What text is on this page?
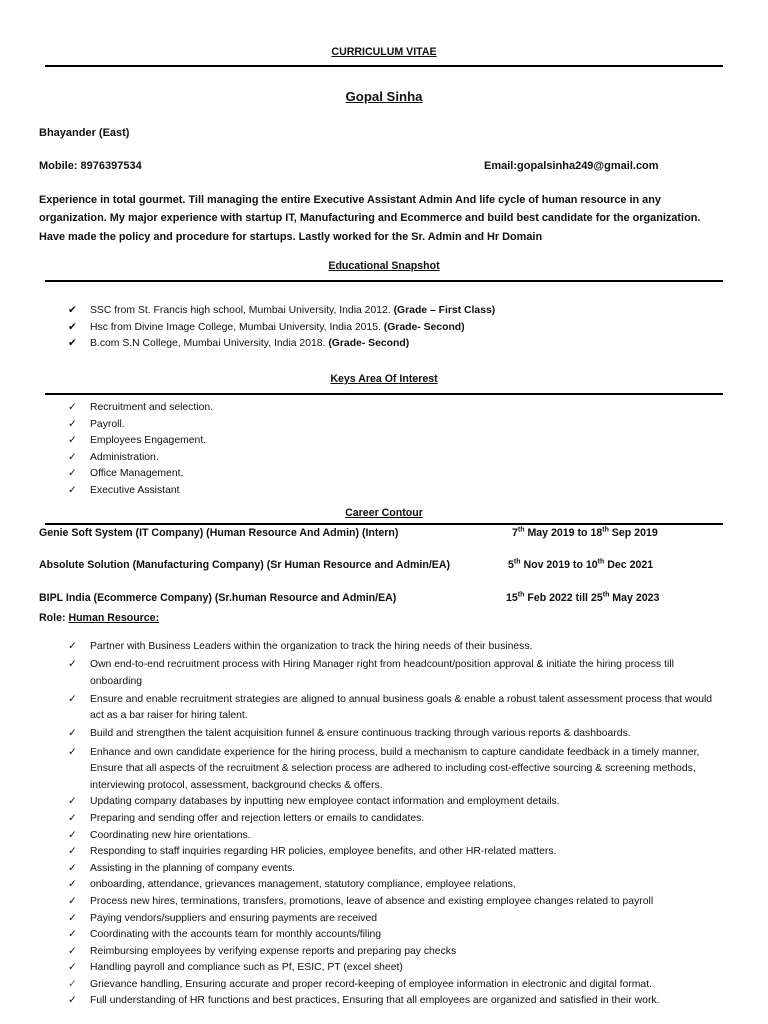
CURRICULUM VITAE
Gopal Sinha
Bhayander (East)
Mobile: 8976397534	Email:gopalsinha249@gmail.com
Experience in total gourmet. Till managing the entire Executive Assistant Admin And life cycle of human resource in any organization. My major experience with startup IT, Manufacturing and Ecommerce and build best candidate for the organization. Have made the policy and procedure for startups. Lastly worked for the Sr. Admin and Hr Domain
Educational Snapshot
✔ SSC from St. Francis high school, Mumbai University, India 2012. (Grade – First Class)
✔ Hsc from Divine Image College, Mumbai University, India 2015. (Grade- Second)
✔ B.com S.N College, Mumbai University, India 2018. (Grade- Second)
Keys Area Of Interest
✓ Recruitment and selection.
✓ Payroll.
✓ Employees Engagement.
✓ Administration.
✓ Office Management.
✓ Executive Assistant
Career Contour
Genie Soft System (IT Company) (Human Resource And Admin) (Intern)	7th May 2019 to 18th Sep 2019
Absolute Solution (Manufacturing Company) (Sr Human Resource and Admin/EA)	5th Nov 2019 to 10th Dec 2021
BIPL India (Ecommerce Company) (Sr.human Resource and Admin/EA)	15th Feb 2022 till 25th May 2023
Role: Human Resource:
✓ Partner with Business Leaders within the organization to track the hiring needs of their business.
✓ Own end-to-end recruitment process with Hiring Manager right from headcount/position approval & initiate the hiring process till onboarding
✓ Ensure and enable recruitment strategies are aligned to annual business goals & enable a robust talent assessment process that would act as a bar raiser for hiring talent.
✓ Build and strengthen the talent acquisition funnel & ensure continuous tracking through various reports & dashboards.
✓ Enhance and own candidate experience for the hiring process, build a mechanism to capture candidate feedback in a timely manner, Ensure that all aspects of the recruitment & selection process are adhered to including cost-effective sourcing & screening methods, interviewing protocol, assessment, background checks & offers.
✓ Updating company databases by inputting new employee contact information and employment details.
✓ Preparing and sending offer and rejection letters or emails to candidates.
✓ Coordinating new hire orientations.
✓ Responding to staff inquiries regarding HR policies, employee benefits, and other HR-related matters.
✓ Assisting in the planning of company events.
✓ onboarding, attendance, grievances management, statutory compliance, employee relations,
✓ Process new hires, terminations, transfers, promotions, leave of absence and existing employee changes related to payroll
✓ Paying vendors/suppliers and ensuring payments are received
✓ Coordinating with the accounts team for monthly accounts/filing
✓ Reimbursing employees by verifying expense reports and preparing pay checks
✓ Handling payroll and compliance such as Pf, ESIC, PT (excel sheet)
✓ Grievance handling, Ensuring accurate and proper record-keeping of employee information in electronic and digital format.
✓ Full understanding of HR functions and best practices, Ensuring that all employees are organized and satisfied in their work.
